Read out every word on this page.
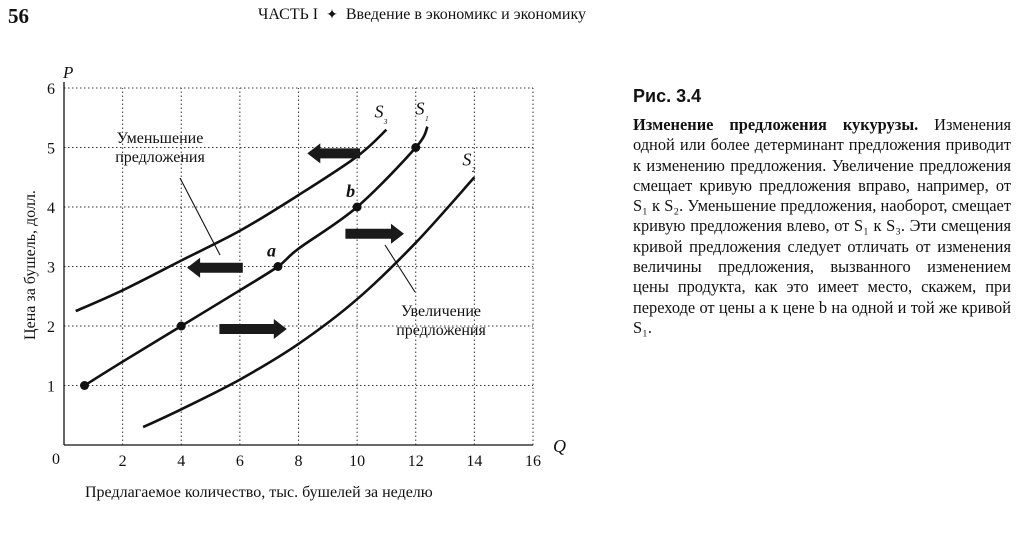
56	ЧАСТЬ I ✦ Введение в экономикс и экономику
Q
P
0	2	4	6	8	10	12	14	16
1
2
3
4
5
6
$S_{_3}$ $S_{_1}$
$S_{_2}$
a
b
Уменьшение
предложения
Увеличение
предложения
Цена за бушель, долл.
Предлагаемое количество, тыс. бушелей за неделю
Рис. 3.4
Изменение предложения кукурузы. Изменения одной или более детерминант предложения приводит к изменению предложения. Увеличение предложения смещает кривую предложения вправо, например, от S₁ к S₂. Уменьшение предложения, наоборот, смещает кривую предложения влево, от S₁ к S₃. Эти смещения кривой предложения следует отличать от изменения величины предложения, вызванного изменением цены продукта, как это имеет место, скажем, при переходе от цены a к цене b на одной и той же кривой S₁.
